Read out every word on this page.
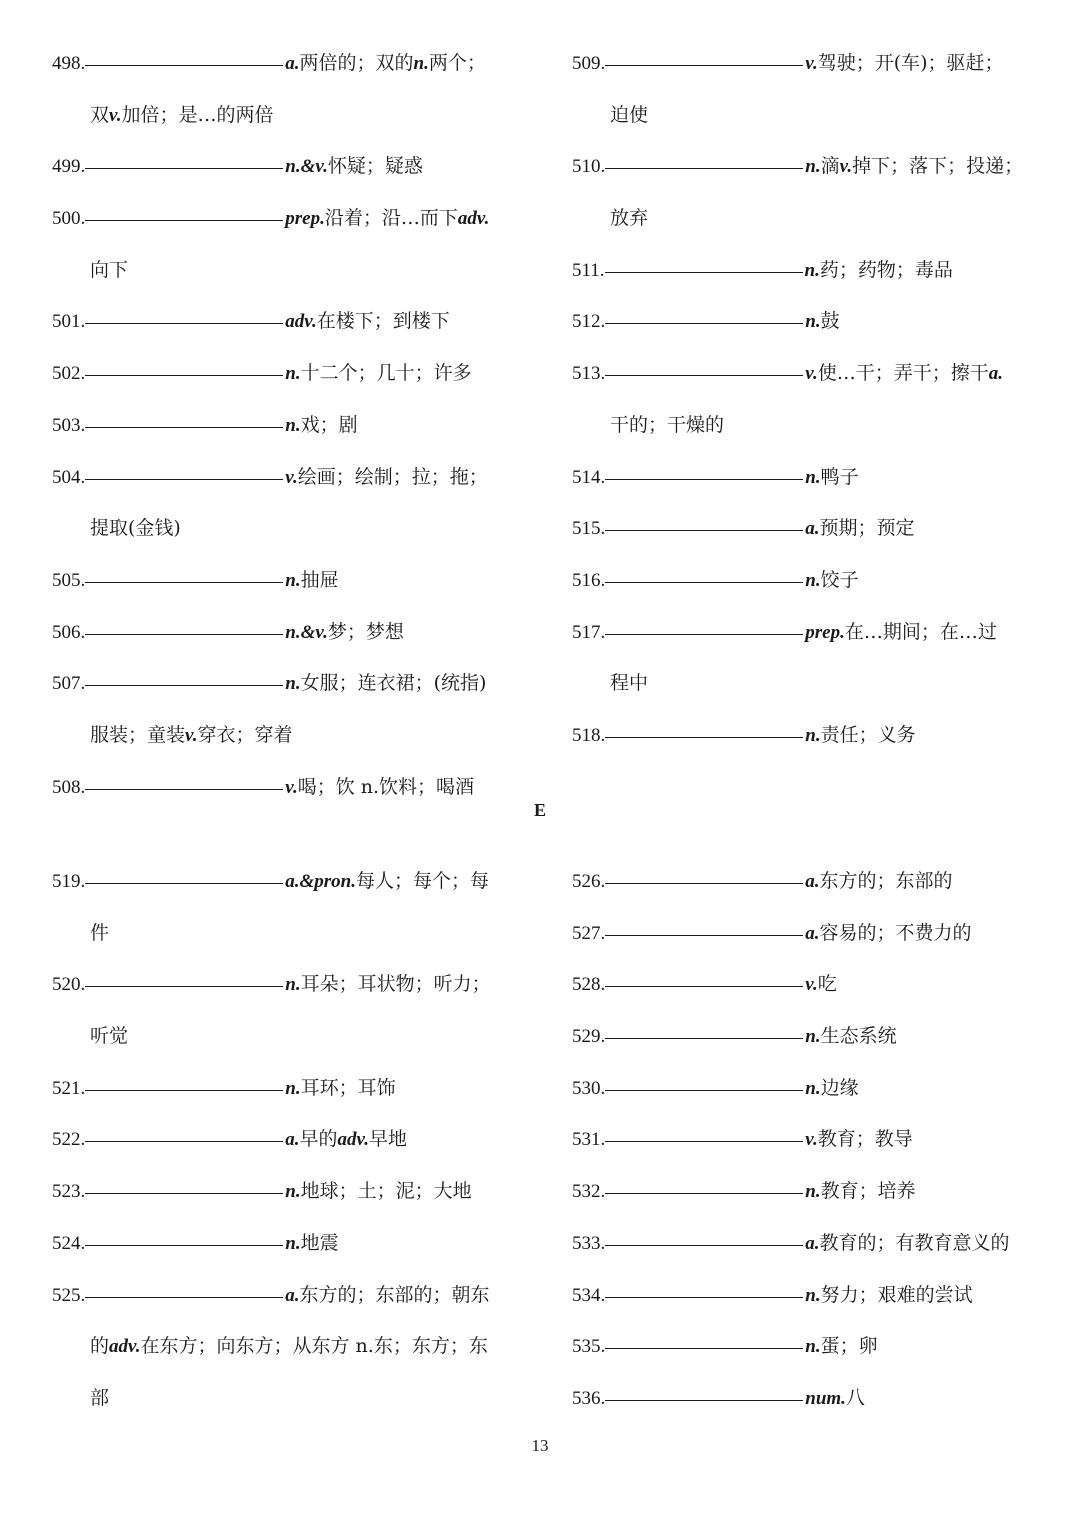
498.	a. 两倍的；双的 n. 两个；
双 v. 加倍；是…的两倍
499.	n.&v. 怀疑；疑惑
500.	prep. 沿着；沿…而下 adv.
向下
501.	adv. 在楼下；到楼下
502.	n. 十二个；几十；许多
503.	n. 戏；剧
504.	v. 绘画；绘制；拉；拖；
提取(金钱)
505.	n. 抽屉
506.	n.&v. 梦；梦想
507.	n. 女服；连衣裙；(统指)
服装；童装 v. 穿衣；穿着
508.	v. 喝；饮 n.饮料；喝酒
509.	v. 驾驶；开(车)；驱赶；
迫使
510.	n. 滴 v. 掉下；落下；投递；
放弃
511.	n. 药；药物；毒品
512.	n. 鼓
513.	v. 使…干；弄干；擦干 a.
干的；干燥的
514.	n. 鸭子
515.	a. 预期；预定
516.	n. 饺子
517.	prep. 在…期间；在…过
程中
518.	n. 责任；义务
E
519.	a.&pron. 每人；每个；每
件
520.	n. 耳朵；耳状物；听力；
听觉
521.	n. 耳环；耳饰
522.	a. 早的 adv. 早地
523.	n. 地球；土；泥；大地
524.	n. 地震
525.	a. 东方的；东部的；朝东
的 adv. 在东方；向东方；从东方 n.东；东方；东
部
526.	a. 东方的；东部的
527.	a. 容易的；不费力的
528.	v. 吃
529.	n. 生态系统
530.	n. 边缘
531.	v. 教育；教导
532.	n. 教育；培养
533.	a. 教育的；有教育意义的
534.	n. 努力；艰难的尝试
535.	n. 蛋；卵
536.	num. 八
13
